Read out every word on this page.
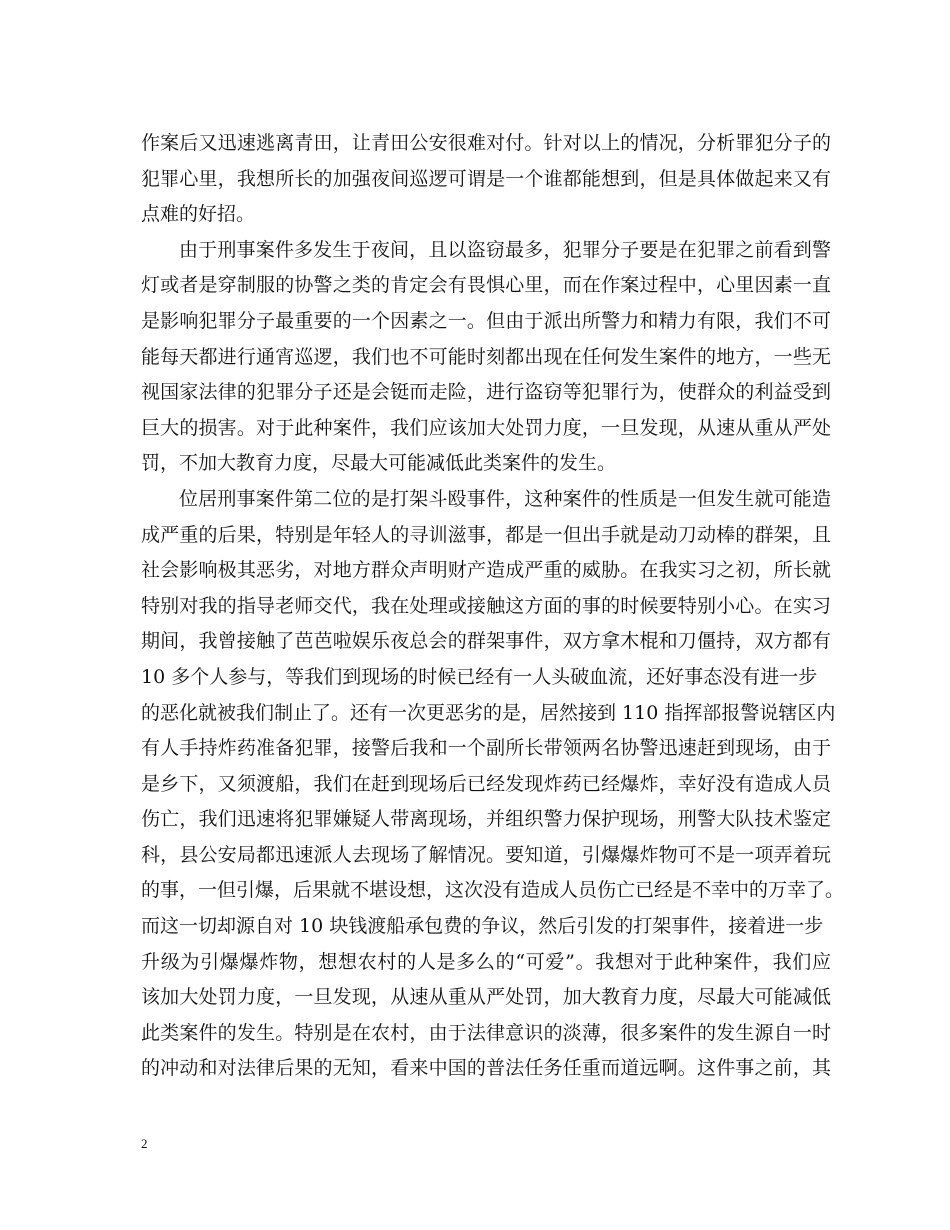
作案后又迅速逃离青田，让青田公安很难对付。针对以上的情况，分析罪犯分子的
犯罪心里，我想所长的加强夜间巡逻可谓是一个谁都能想到，但是具体做起来又有
点难的好招。
由于刑事案件多发生于夜间，且以盗窃最多，犯罪分子要是在犯罪之前看到警
灯或者是穿制服的协警之类的肯定会有畏惧心里，而在作案过程中，心里因素一直
是影响犯罪分子最重要的一个因素之一。但由于派出所警力和精力有限，我们不可
能每天都进行通宵巡逻，我们也不可能时刻都出现在任何发生案件的地方，一些无
视国家法律的犯罪分子还是会铤而走险，进行盗窃等犯罪行为，使群众的利益受到
巨大的损害。对于此种案件，我们应该加大处罚力度，一旦发现，从速从重从严处
罚，不加大教育力度，尽最大可能减低此类案件的发生。
位居刑事案件第二位的是打架斗殴事件，这种案件的性质是一但发生就可能造
成严重的后果，特别是年轻人的寻训滋事，都是一但出手就是动刀动棒的群架，且
社会影响极其恶劣，对地方群众声明财产造成严重的威胁。在我实习之初，所长就
特别对我的指导老师交代，我在处理或接触这方面的事的时候要特别小心。在实习
期间，我曾接触了芭芭啦娱乐夜总会的群架事件，双方拿木棍和刀僵持，双方都有
10 多个人参与，等我们到现场的时候已经有一人头破血流，还好事态没有进一步
的恶化就被我们制止了。还有一次更恶劣的是，居然接到 110 指挥部报警说辖区内
有人手持炸药准备犯罪，接警后我和一个副所长带领两名协警迅速赶到现场，由于
是乡下，又须渡船，我们在赶到现场后已经发现炸药已经爆炸，幸好没有造成人员
伤亡，我们迅速将犯罪嫌疑人带离现场，并组织警力保护现场，刑警大队技术鉴定
科，县公安局都迅速派人去现场了解情况。要知道，引爆爆炸物可不是一项弄着玩
的事，一但引爆，后果就不堪设想，这次没有造成人员伤亡已经是不幸中的万幸了。
而这一切却源自对 10 块钱渡船承包费的争议，然后引发的打架事件，接着进一步
升级为引爆爆炸物，想想农村的人是多么的“可爱”。我想对于此种案件，我们应
该加大处罚力度，一旦发现，从速从重从严处罚，加大教育力度，尽最大可能减低
此类案件的发生。特别是在农村，由于法律意识的淡薄，很多案件的发生源自一时
的冲动和对法律后果的无知，看来中国的普法任务任重而道远啊。这件事之前，其
2
